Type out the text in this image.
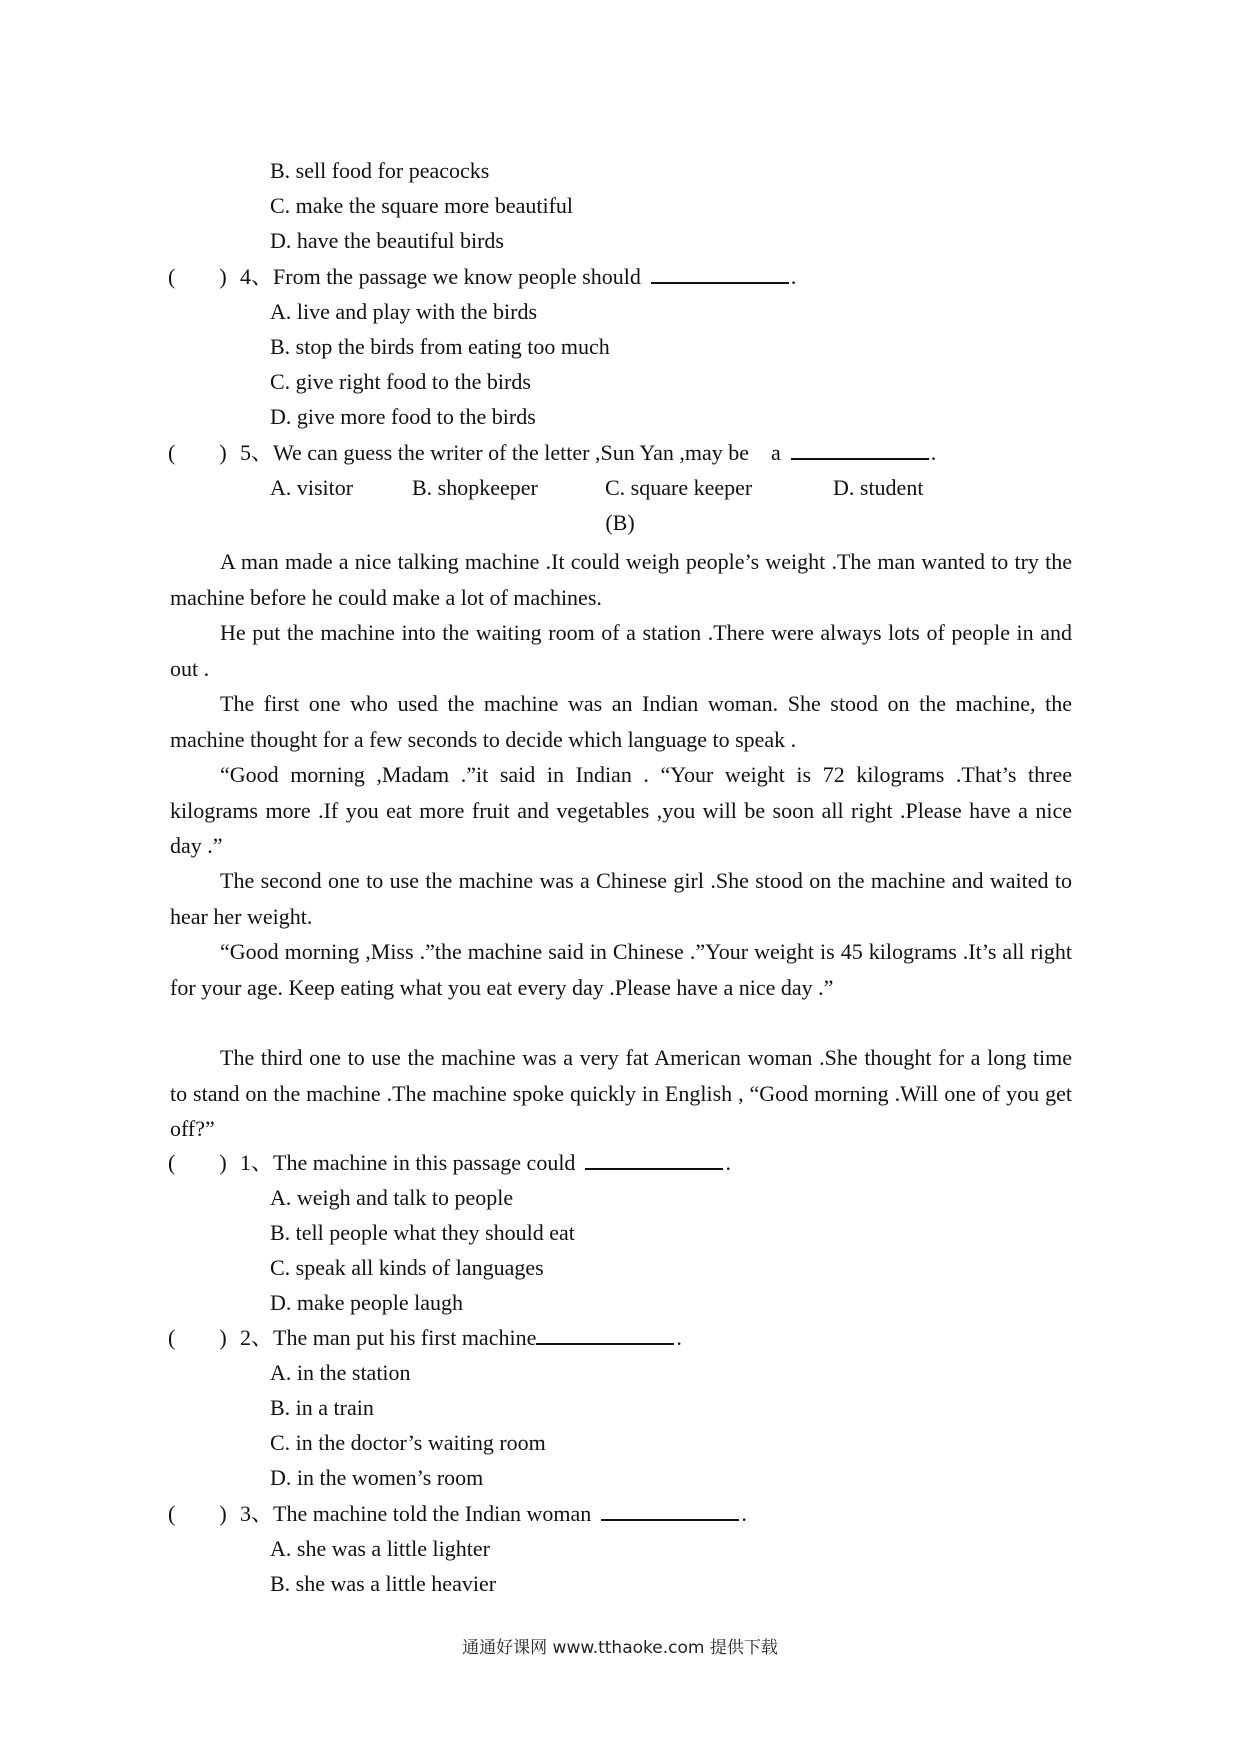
B. sell food for peacocks
C. make the square more beautiful
D. have the beautiful birds
(　　) 4、From the passage we know people should	.
A. live and play with the birds
B. stop the birds from eating too much
C. give right food to the birds
D. give more food to the birds
(　　) 5、We can guess the writer of the letter ,Sun Yan ,may be　a	.
A. visitor	B. shopkeeper	C. square keeper	D. student
(B)

A man made a nice talking machine .It could weigh people’s weight .The man wanted to try the machine before he could make a lot of machines.

He put the machine into the waiting room of a station .There were always lots of people in and out .

The first one who used the machine was an Indian woman. She stood on the machine, the machine thought for a few seconds to decide which language to speak .

“Good morning ,Madam .”it said in Indian . “Your weight is 72 kilograms .That’s three kilograms more .If you eat more fruit and vegetables ,you will be soon all right .Please have a nice day .”

The second one to use the machine was a Chinese girl .She stood on the machine and waited to hear her weight.

“Good morning ,Miss .”the machine said in Chinese .”Your weight is 45 kilograms .It’s all right for your age. Keep eating what you eat every day .Please have a nice day .”

The third one to use the machine was a very fat American woman .She thought for a long time to stand on the machine .The machine spoke quickly in English , “Good morning .Will one of you get off?”

(　　) 1、The machine in this passage could	.
A. weigh and talk to people
B. tell people what they should eat
C. speak all kinds of languages
D. make people laugh
(　　) 2、The man put his first machine	.
A. in the station
B. in a train
C. in the doctor’s waiting room
D. in the women’s room
(　　) 3、The machine told the Indian woman	.
A. she was a little lighter
B. she was a little heavier
通通好课网 www.tthaoke.com 提供下载
